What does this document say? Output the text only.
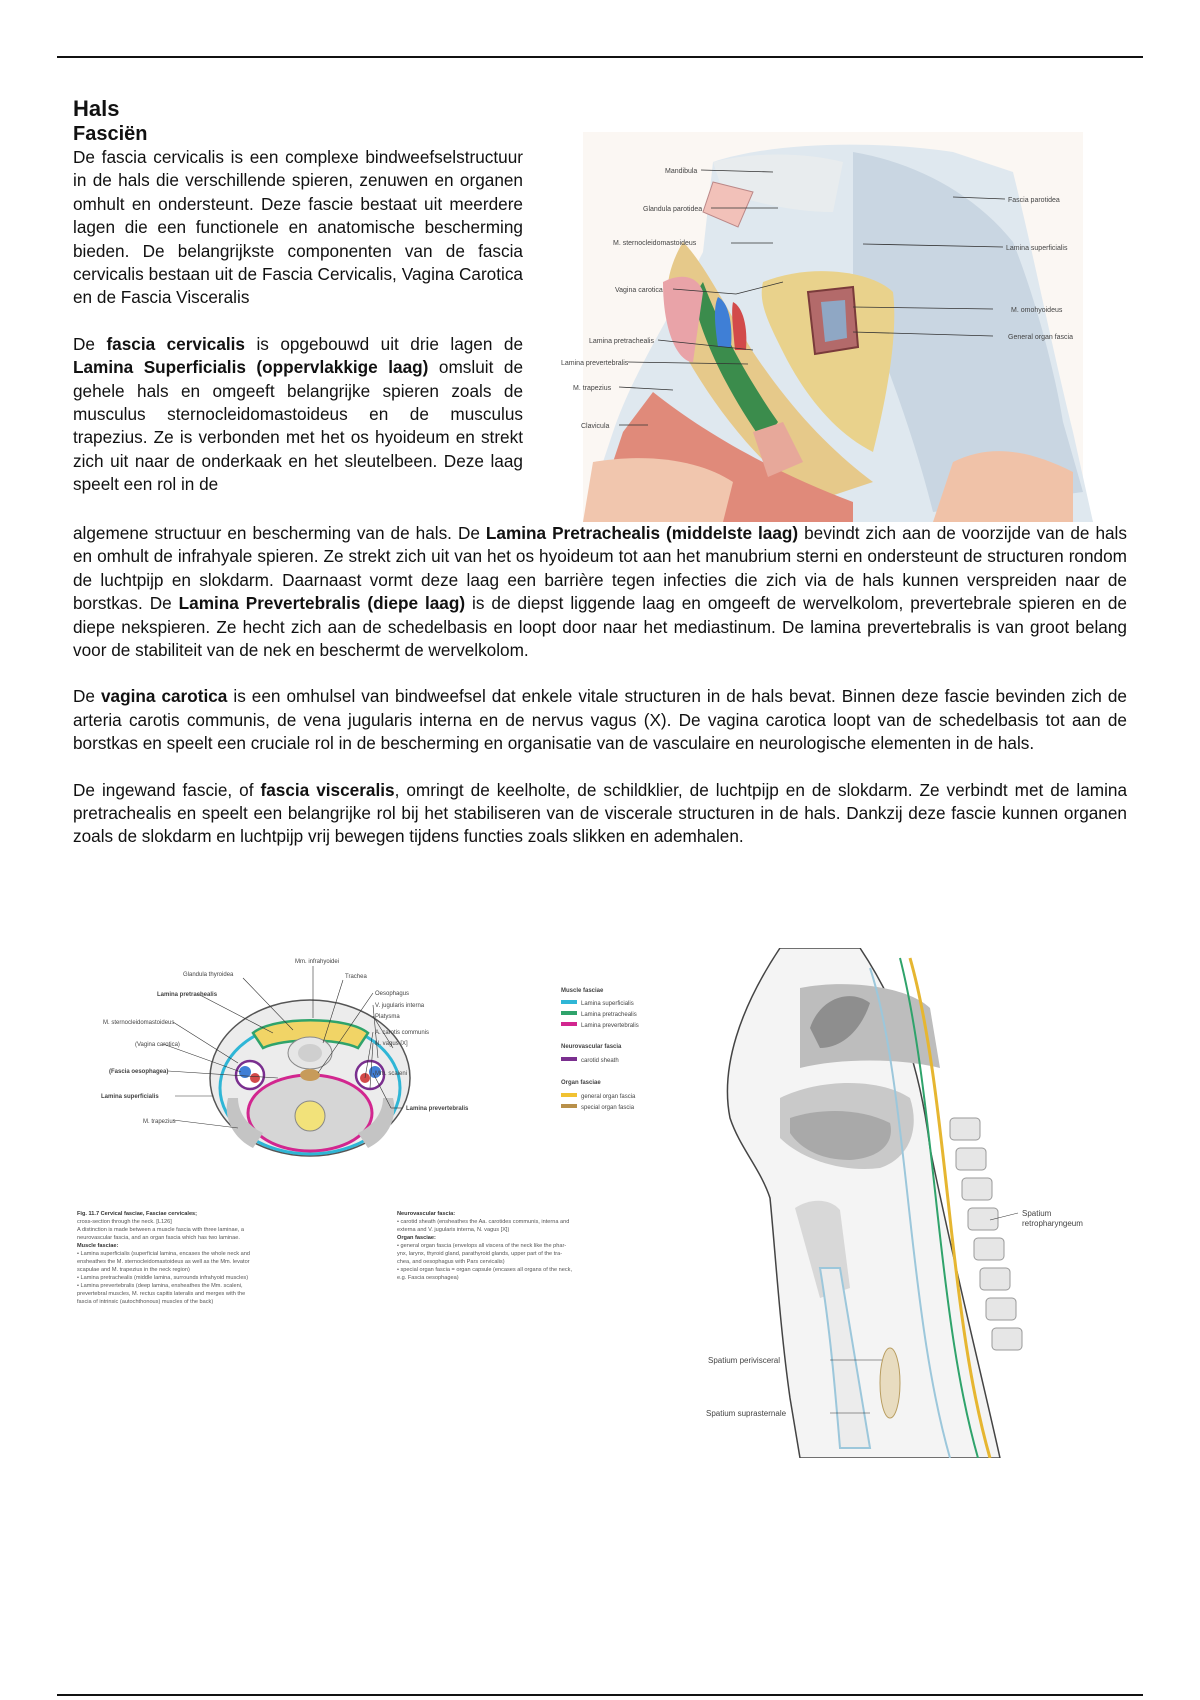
Hals
Fasciën

De fascia cervicalis is een complexe bindweefselstructuur in de hals die verschillende spieren, zenuwen en organen omhult en ondersteunt. Deze fascie bestaat uit meerdere lagen die een functionele en anatomische bescherming bieden. De belangrijkste componenten van de fascia cervicalis bestaan uit de Fascia Cervicalis, Vagina Carotica en de Fascia Visceralis

De fascia cervicalis is opgebouwd uit drie lagen de Lamina Superficialis (oppervlakkige laag) omsluit de gehele hals en omgeeft belangrijke spieren zoals de musculus sternocleidomastoideus en de musculus trapezius. Ze is verbonden met het os hyoideum en strekt zich uit naar de onderkaak en het sleutelbeen. Deze laag speelt een rol in de

Mandibula
Glandula parotidea
M. sternocleidomastoideus
Vagina carotica
Lamina pretrachealis
Lamina prevertebralis
M. trapezius
Clavicula
Fascia parotidea
Lamina superficialis
M. omohyoideus
General organ fascia

algemene structuur en bescherming van de hals. De Lamina Pretrachealis (middelste laag) bevindt zich aan de voorzijde van de hals en omhult de infrahyale spieren. Ze strekt zich uit van het os hyoideum tot aan het manubrium sterni en ondersteunt de structuren rondom de luchtpijp en slokdarm. Daarnaast vormt deze laag een barrière tegen infecties die zich via de hals kunnen verspreiden naar de borstkas. De Lamina Prevertebralis (diepe laag) is de diepst liggende laag en omgeeft de wervelkolom, prevertebrale spieren en de diepe nekspieren. Ze hecht zich aan de schedelbasis en loopt door naar het mediastinum. De lamina prevertebralis is van groot belang voor de stabiliteit van de nek en beschermt de wervelkolom.

De vagina carotica is een omhulsel van bindweefsel dat enkele vitale structuren in de hals bevat. Binnen deze fascie bevinden zich de arteria carotis communis, de vena jugularis interna en de nervus vagus (X). De vagina carotica loopt van de schedelbasis tot aan de borstkas en speelt een cruciale rol in de bescherming en organisatie van de vasculaire en neurologische elementen in de hals.

De ingewand fascie, of fascia visceralis, omringt de keelholte, de schildklier, de luchtpijp en de slokdarm. Ze verbindt met de lamina pretrachealis en speelt een belangrijke rol bij het stabiliseren van de viscerale structuren in de hals. Dankzij deze fascie kunnen organen zoals de slokdarm en luchtpijp vrij bewegen tijdens functies zoals slikken en ademhalen.

Mm. infrahyoidei
Glandula thyroidea	Trachea
Lamina pretrachealis	Oesophagus
V. jugularis interna
Platysma
M. sternocleidomastoideus
A. carotis communis
N. vagus [X]
(Vagina carotica)
(Fascia oesophagea)	Mm. scaleni
Lamina superficialis
Lamina prevertebralis
M. trapezius
Muscle fasciae
Lamina superficialis
Lamina pretrachealis
Lamina prevertebralis
Neurovascular fascia
carotid sheath
Organ fasciae
general organ fascia
special organ fascia
Fig. 11.7 Cervical fasciae, Fasciae cervicales;
cross-section through the neck. [L126]
A distinction is made between a muscle fascia with three laminae, a
neurovascular fascia, and an organ fascia which has two laminae.
Muscle fasciae:
• Lamina superficialis (superficial lamina, encases the whole neck and
ensheathes the M. sternocleidomastoideus as well as the Mm. levator
scapulae and M. trapezius in the neck region)
• Lamina pretrachealis (middle lamina, surrounds infrahyoid muscles)
• Lamina prevertebralis (deep lamina, ensheathes the Mm. scaleni,
prevertebral muscles, M. rectus capitis lateralis and merges with the
fascia of intrinsic (autochthonous) muscles of the back)
Neurovascular fascia:
• carotid sheath (ensheathes the Aa. carotides communis, interna and
externa and V. jugularis interna, N. vagus [X])
Organ fasciae:
• general organ fascia (envelops all viscera of the neck like the phar-
ynx, larynx, thyroid gland, parathyroid glands, upper part of the tra-
chea, and oesophagus with Pars cervicalis)
• special organ fascia = organ capsule (encases all organs of the neck,
e.g. Fascia oesophagea)
Spatium
retropharyngeum
Spatium perivisceral
Spatium suprasternale
